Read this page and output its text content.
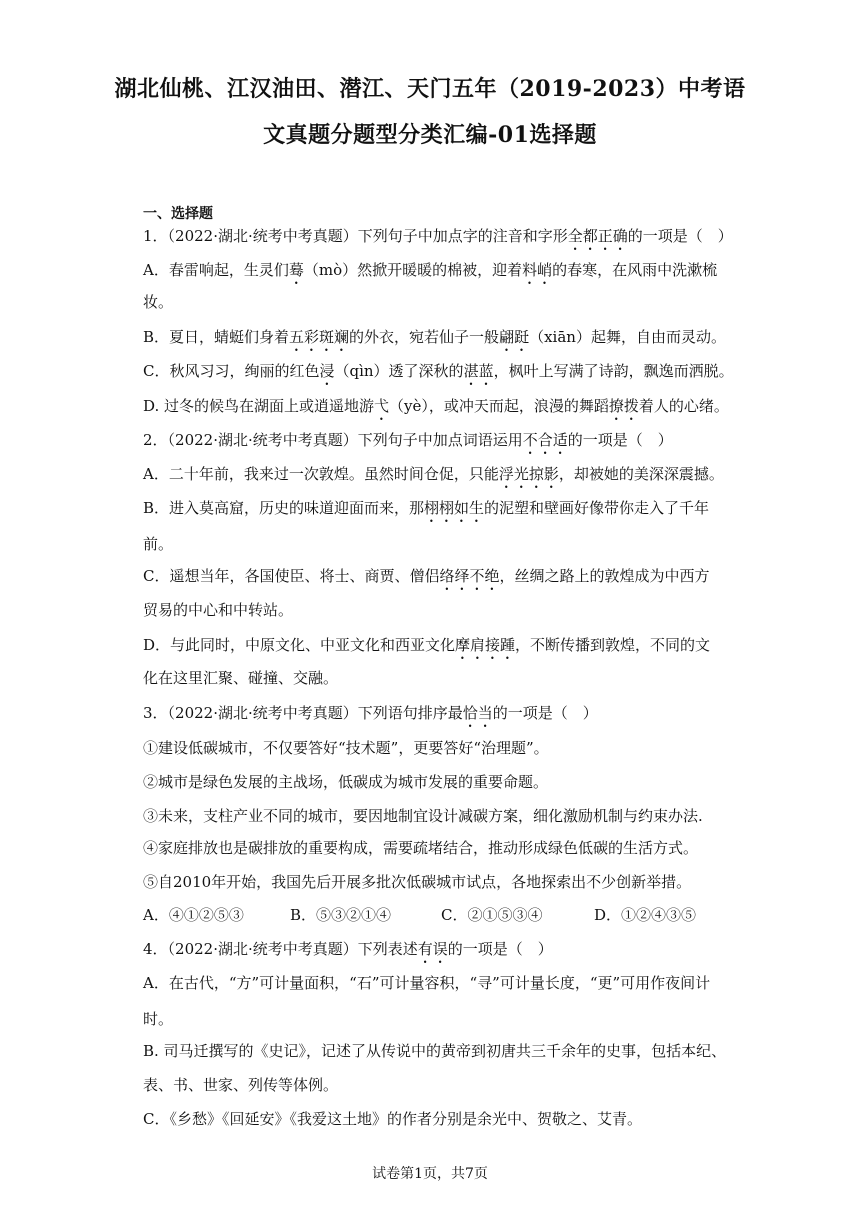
湖北仙桃、江汉油田、潜江、天门五年（2019-2023）中考语
文真题分题型分类汇编-01选择题
一、选择题
1．（2022·湖北·统考中考真题）下列句子中加点字的注音和字形全都正确的一项是（　）
A．春雷响起，生灵们蓦（mò）然掀开暖暖的棉被，迎着料峭的春寒，在风雨中洗漱梳
妆。
B．夏日，蜻蜓们身着五彩斑斓的外衣，宛若仙子一般翩跹（xiān）起舞，自由而灵动。
C．秋风习习，绚丽的红色浸（qìn）透了深秋的湛蓝，枫叶上写满了诗韵，飘逸而洒脱。
D. 过冬的候鸟在湖面上或逍遥地游弋（yè），或冲天而起，浪漫的舞蹈撩拨着人的心绪。
2．（2022·湖北·统考中考真题）下列句子中加点词语运用不合适的一项是（　）
A．二十年前，我来过一次敦煌。虽然时间仓促，只能浮光掠影，却被她的美深深震撼。
B．进入莫高窟，历史的味道迎面而来，那栩栩如生的泥塑和壁画好像带你走入了千年
前。
C．遥想当年，各国使臣、将士、商贾、僧侣络绎不绝，丝绸之路上的敦煌成为中西方
贸易的中心和中转站。
D．与此同时，中原文化、中亚文化和西亚文化摩肩接踵，不断传播到敦煌，不同的文
化在这里汇聚、碰撞、交融。
3．（2022·湖北·统考中考真题）下列语句排序最恰当的一项是（　）
①建设低碳城市，不仅要答好“技术题”，更要答好“治理题”。
②城市是绿色发展的主战场，低碳成为城市发展的重要命题。
③未来，支柱产业不同的城市，要因地制宜设计减碳方案，细化激励机制与约束办法.
④家庭排放也是碳排放的重要构成，需要疏堵结合，推动形成绿色低碳的生活方式。
⑤自2010年开始，我国先后开展多批次低碳城市试点，各地探索出不少创新举措。
A．④①②⑤③	B．⑤③②①④	C．②①⑤③④	D．①②④③⑤
4．（2022·湖北·统考中考真题）下列表述有误的一项是（　）
A．在古代，“方”可计量面积，“石”可计量容积，“寻”可计量长度，“更”可用作夜间计
时。
B. 司马迁撰写的《史记》，记述了从传说中的黄帝到初唐共三千余年的史事，包括本纪、
表、书、世家、列传等体例。
C．《乡愁》《回延安》《我爱这土地》的作者分别是余光中、贺敬之、艾青。
试卷第1页，共7页
